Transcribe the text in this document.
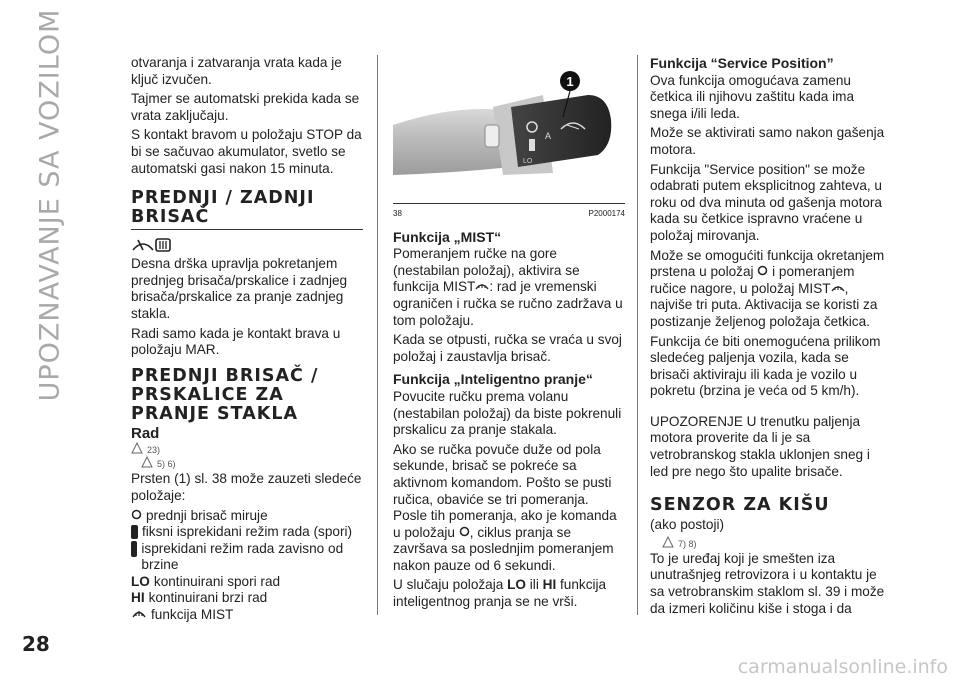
UPOZNAVANJE SA VOZILOM	otvaranja i zatvaranja vrata kada je ključ izvučen.

Tajmer se automatski prekida kada se vrata zaključaju.

S kontakt bravom u položaju STOP da bi se sačuvao akumulator, svetlo se automatski gasi nakon 15 minuta.

PREDNJI / ZADNJI BRISAČ

Desna drška upravlja pokretanjem prednjeg brisača/prskalice i zadnjeg brisača/prskalice za pranje zadnjeg stakla.

Radi samo kada je kontakt brava u položaju MAR.

PREDNJI BRISAČ / PRSKALICE ZA PRANJE STAKLA
Rad
23)
5) 6)

Prsten (1) sl. 38 može zauzeti sledeće položaje:

prednji brisač miruje
fiksni isprekidani režim rada (spori)
isprekidani režim rada zavisno od brzine
LO kontinuirani spori rad
HI kontinuirani brzi rad
funkcija MIST
A
LO
1
38	P2000174
Funkcija „MIST“

Pomeranjem ručke na gore (nestabilan položaj), aktivira se funkcija MIST : rad je vremenski ograničen i ručka se ručno zadržava u tom položaju.

Kada se otpusti, ručka se vraća u svoj položaj i zaustavlja brisač.

Funkcija „Inteligentno pranje“

Povucite ručku prema volanu (nestabilan položaj) da biste pokrenuli prskalicu za pranje stakala.

Ako se ručka povuče duže od pola sekunde, brisač se pokreće sa aktivnom komandom. Pošto se pusti ručica, obaviće se tri pomeranja. Posle tih pomeranja, ako je komanda u položaju , ciklus pranja se završava sa poslednjim pomeranjem nakon pauze od 6 sekundi.

U slučaju položaja LO ili HI funkcija inteligentnog pranja se ne vrši.

Funkcija “Service Position”

Ova funkcija omogućava zamenu četkica ili njihovu zaštitu kada ima snega i/ili leda.

Može se aktivirati samo nakon gašenja motora.

Funkcija "Service position" se može odabrati putem eksplicitnog zahteva, u roku od dva minuta od gašenja motora kada su četkice ispravno vraćene u položaj mirovanja.

Može se omogućiti funkcija okretanjem prstena u položaj i pomeranjem ručice nagore, u položaj MIST , najviše tri puta. Aktivacija se koristi za postizanje željenog položaja četkica.

Funkcija će biti onemogućena prilikom sledećeg paljenja vozila, kada se brisači aktiviraju ili kada je vozilo u pokretu (brzina je veća od 5 km/h).

UPOZORENJE U trenutku paljenja motora proverite da li je sa vetrobranskog stakla uklonjen sneg i led pre nego što upalite brisače.

SENZOR ZA KIŠU

(ako postoji)

7) 8)

To je uređaj koji je smešten iza unutrašnjeg retrovizora i u kontaktu je sa vetrobranskim staklom sl. 39 i može da izmeri količinu kiše i stoga i da

28
carmanualsonline.info
